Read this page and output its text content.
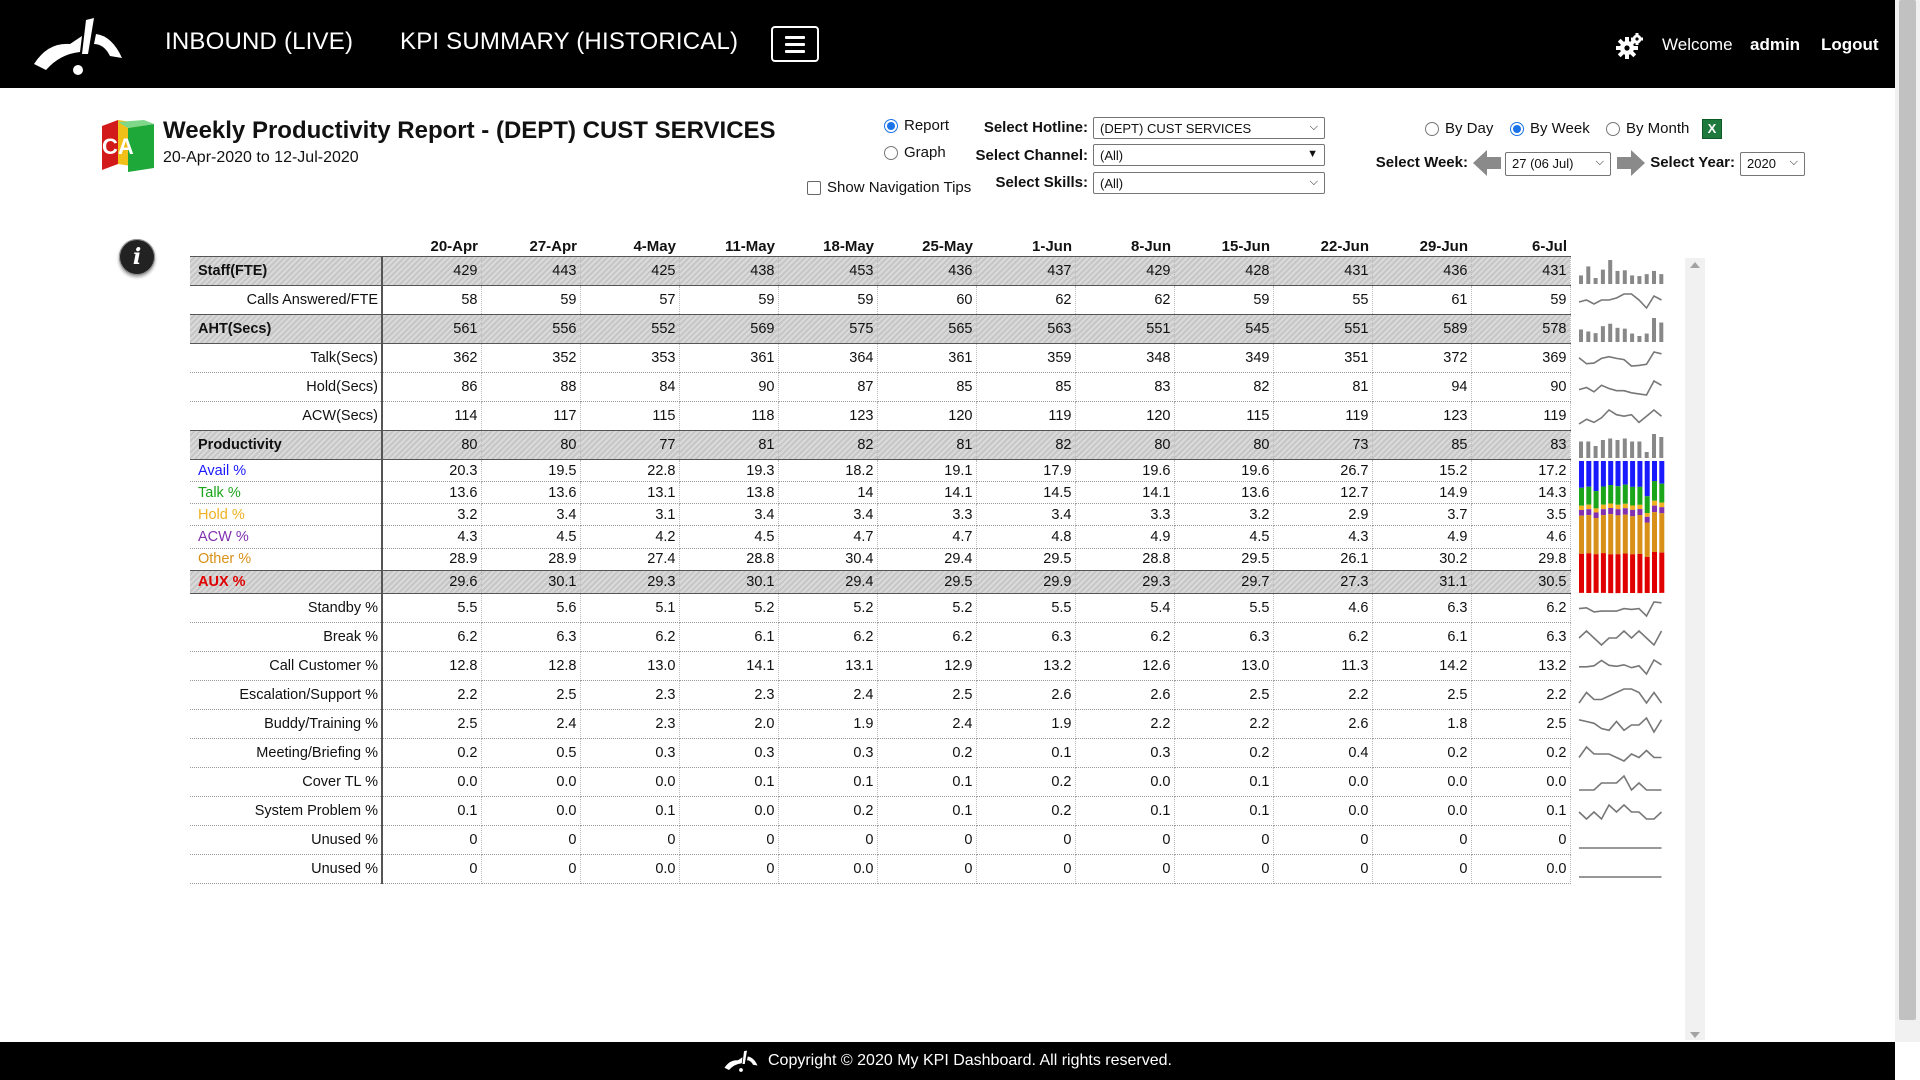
INBOUND (LIVE) KPI SUMMARY (HISTORICAL)	Welcome admin Logout
CA
Weekly Productivity Report - (DEPT) CUST SERVICES
20-Apr-2020 to 12-Jul-2020
Report
Graph
Show Navigation Tips
Select Hotline: (DEPT) CUST SERVICES	⌵
Select Channel: (All)	▼
Select Skills: (All)	⌵
By Day By Week By Month	X
Select Week:	27 (06 Jul) ⌵	Select Year: 2020 ⌵
i
		20-Apr	27-Apr	4-May	11-May	18-May	25-May	1-Jun	8-Jun	15-Jun	22-Jun	29-Jun	6-Jul	
Staff(FTE)	429	443	425	438	453	436	437	429	428	431	436	431	

Calls Answered/FTE	58	59	57	59	59	60	62	62	59	55	61	59	

AHT(Secs)	561	556	552	569	575	565	563	551	545	551	589	578	

Talk(Secs)	362	352	353	361	364	361	359	348	349	351	372	369	

Hold(Secs)	86	88	84	90	87	85	85	83	82	81	94	90	

ACW(Secs)	114	117	115	118	123	120	119	120	115	119	123	119	

Productivity	80	80	77	81	82	81	82	80	80	73	85	83	

Avail %	20.3	19.5	22.8	19.3	18.2	19.1	17.9	19.6	19.6	26.7	15.2	17.2	

Talk %	13.6	13.6	13.1	13.8	14	14.1	14.5	14.1	13.6	12.7	14.9	14.3	
Hold %	3.2	3.4	3.1	3.4	3.4	3.3	3.4	3.3	3.2	2.9	3.7	3.5	
ACW %	4.3	4.5	4.2	4.5	4.7	4.7	4.8	4.9	4.5	4.3	4.9	4.6	
Other %	28.9	28.9	27.4	28.8	30.4	29.4	29.5	28.8	29.5	26.1	30.2	29.8	
AUX %	29.6	30.1	29.3	30.1	29.4	29.5	29.9	29.3	29.7	27.3	31.1	30.5	
Standby %	5.5	5.6	5.1	5.2	5.2	5.2	5.5	5.4	5.5	4.6	6.3	6.2	

Break %	6.2	6.3	6.2	6.1	6.2	6.2	6.3	6.2	6.3	6.2	6.1	6.3	

Call Customer %	12.8	12.8	13.0	14.1	13.1	12.9	13.2	12.6	13.0	11.3	14.2	13.2	

Escalation/Support %	2.2	2.5	2.3	2.3	2.4	2.5	2.6	2.6	2.5	2.2	2.5	2.2	

Buddy/Training %	2.5	2.4	2.3	2.0	1.9	2.4	1.9	2.2	2.2	2.6	1.8	2.5	

Meeting/Briefing %	0.2	0.5	0.3	0.3	0.3	0.2	0.1	0.3	0.2	0.4	0.2	0.2	

Cover TL %	0.0	0.0	0.0	0.1	0.1	0.1	0.2	0.0	0.1	0.0	0.0	0.0	

System Problem %	0.1	0.0	0.1	0.0	0.2	0.1	0.2	0.1	0.1	0.0	0.0	0.1	

Unused %	0	0	0	0	0	0	0	0	0	0	0	0	

Unused %	0	0	0.0	0	0.0	0	0	0	0	0	0	0.0	
Copyright © 2020 My KPI Dashboard. All rights reserved.
